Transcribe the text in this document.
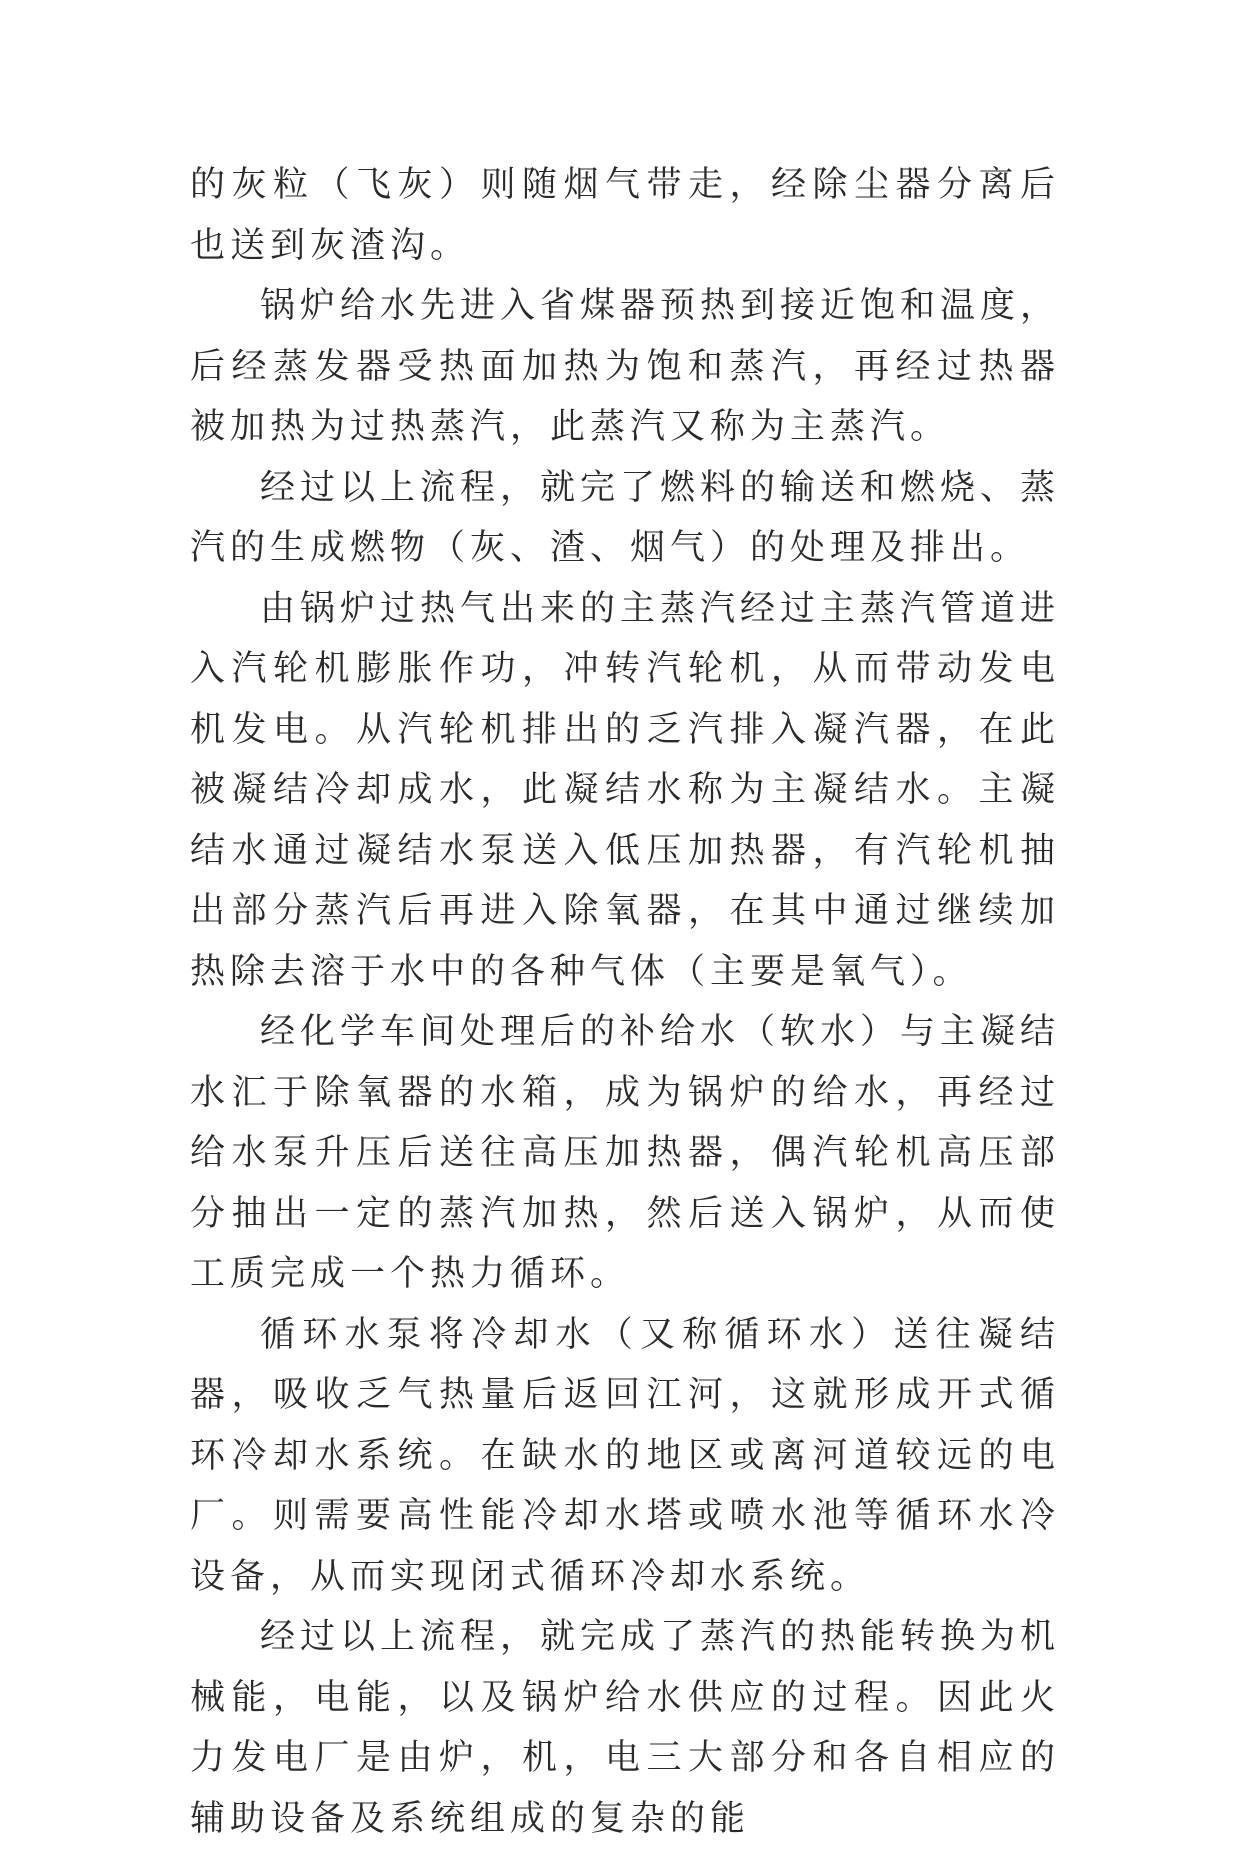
的灰粒（飞灰）则随烟气带走，经除尘器分离后也送到灰渣沟。

锅炉给水先进入省煤器预热到接近饱和温度，后经蒸发器受热面加热为饱和蒸汽，再经过热器被加热为过热蒸汽，此蒸汽又称为主蒸汽。

经过以上流程，就完了燃料的输送和燃烧、蒸汽的生成燃物（灰、渣、烟气）的处理及排出。

由锅炉过热气出来的主蒸汽经过主蒸汽管道进入汽轮机膨胀作功，冲转汽轮机，从而带动发电机发电。从汽轮机排出的乏汽排入凝汽器，在此被凝结冷却成水，此凝结水称为主凝结水。主凝结水通过凝结水泵送入低压加热器，有汽轮机抽出部分蒸汽后再进入除氧器，在其中通过继续加热除去溶于水中的各种气体（主要是氧气）。

经化学车间处理后的补给水（软水）与主凝结水汇于除氧器的水箱，成为锅炉的给水，再经过给水泵升压后送往高压加热器，偶汽轮机高压部分抽出一定的蒸汽加热，然后送入锅炉，从而使工质完成一个热力循环。

循环水泵将冷却水（又称循环水）送往凝结器，吸收乏气热量后返回江河，这就形成开式循环冷却水系统。在缺水的地区或离河道较远的电厂。则需要高性能冷却水塔或喷水池等循环水冷设备，从而实现闭式循环冷却水系统。

经过以上流程，就完成了蒸汽的热能转换为机械能，电能，以及锅炉给水供应的过程。因此火力发电厂是由炉，机，电三大部分和各自相应的辅助设备及系统组成的复杂的能
